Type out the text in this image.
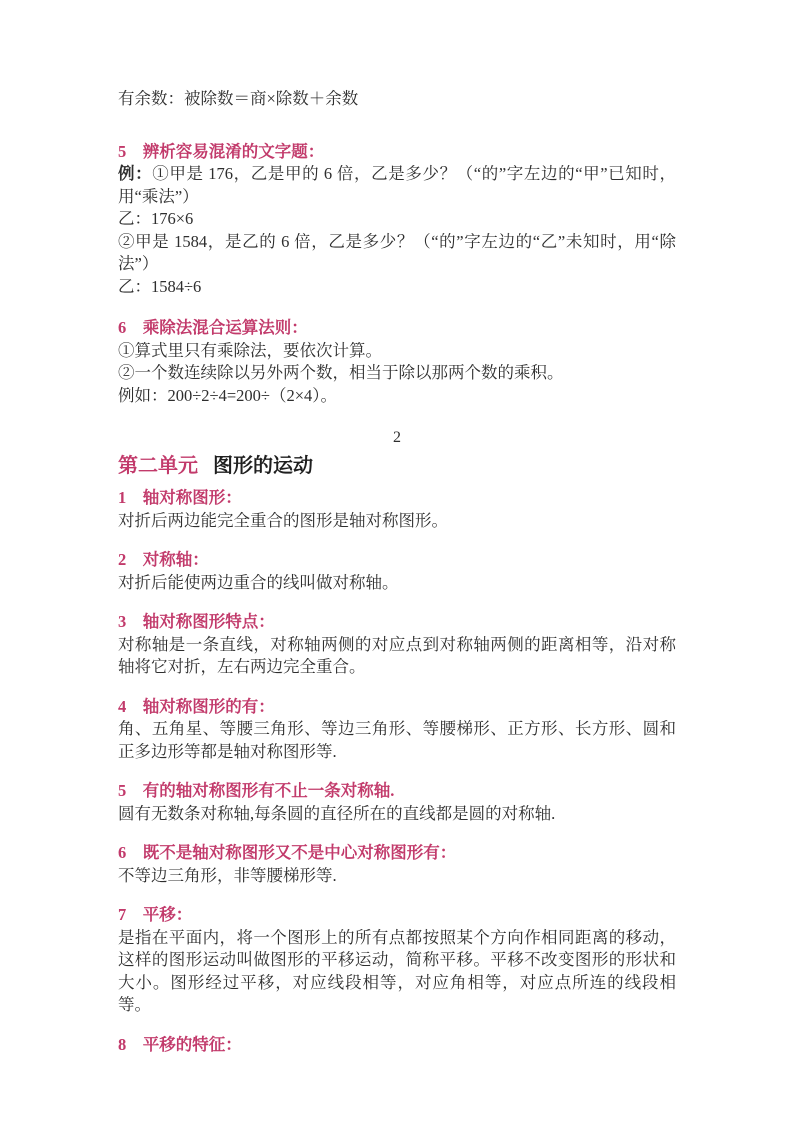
有余数：被除数＝商×除数＋余数

5　辨析容易混淆的文字题：

例：①甲是 176，乙是甲的 6 倍，乙是多少？（“的”字左边的“甲”已知时，用“乘法”）

乙：176×6

②甲是 1584，是乙的 6 倍，乙是多少？（“的”字左边的“乙”未知时，用“除法”）

乙：1584÷6

6　乘除法混合运算法则：

①算式里只有乘除法，要依次计算。

②一个数连续除以另外两个数，相当于除以那两个数的乘积。

例如：200÷2÷4=200÷（2×4）。

2

第二单元 图形的运动
1　轴对称图形：

对折后两边能完全重合的图形是轴对称图形。

2　对称轴：

对折后能使两边重合的线叫做对称轴。

3　轴对称图形特点：

对称轴是一条直线，对称轴两侧的对应点到对称轴两侧的距离相等，沿对称轴将它对折，左右两边完全重合。

4　轴对称图形的有：

角、五角星、等腰三角形、等边三角形、等腰梯形、正方形、长方形、圆和正多边形等都是轴对称图形等.

5　有的轴对称图形有不止一条对称轴.

圆有无数条对称轴,每条圆的直径所在的直线都是圆的对称轴.

6　既不是轴对称图形又不是中心对称图形有：

不等边三角形，非等腰梯形等.

7　平移：

是指在平面内，将一个图形上的所有点都按照某个方向作相同距离的移动，这样的图形运动叫做图形的平移运动，简称平移。平移不改变图形的形状和大小。图形经过平移，对应线段相等，对应角相等，对应点所连的线段相等。

8　平移的特征：
